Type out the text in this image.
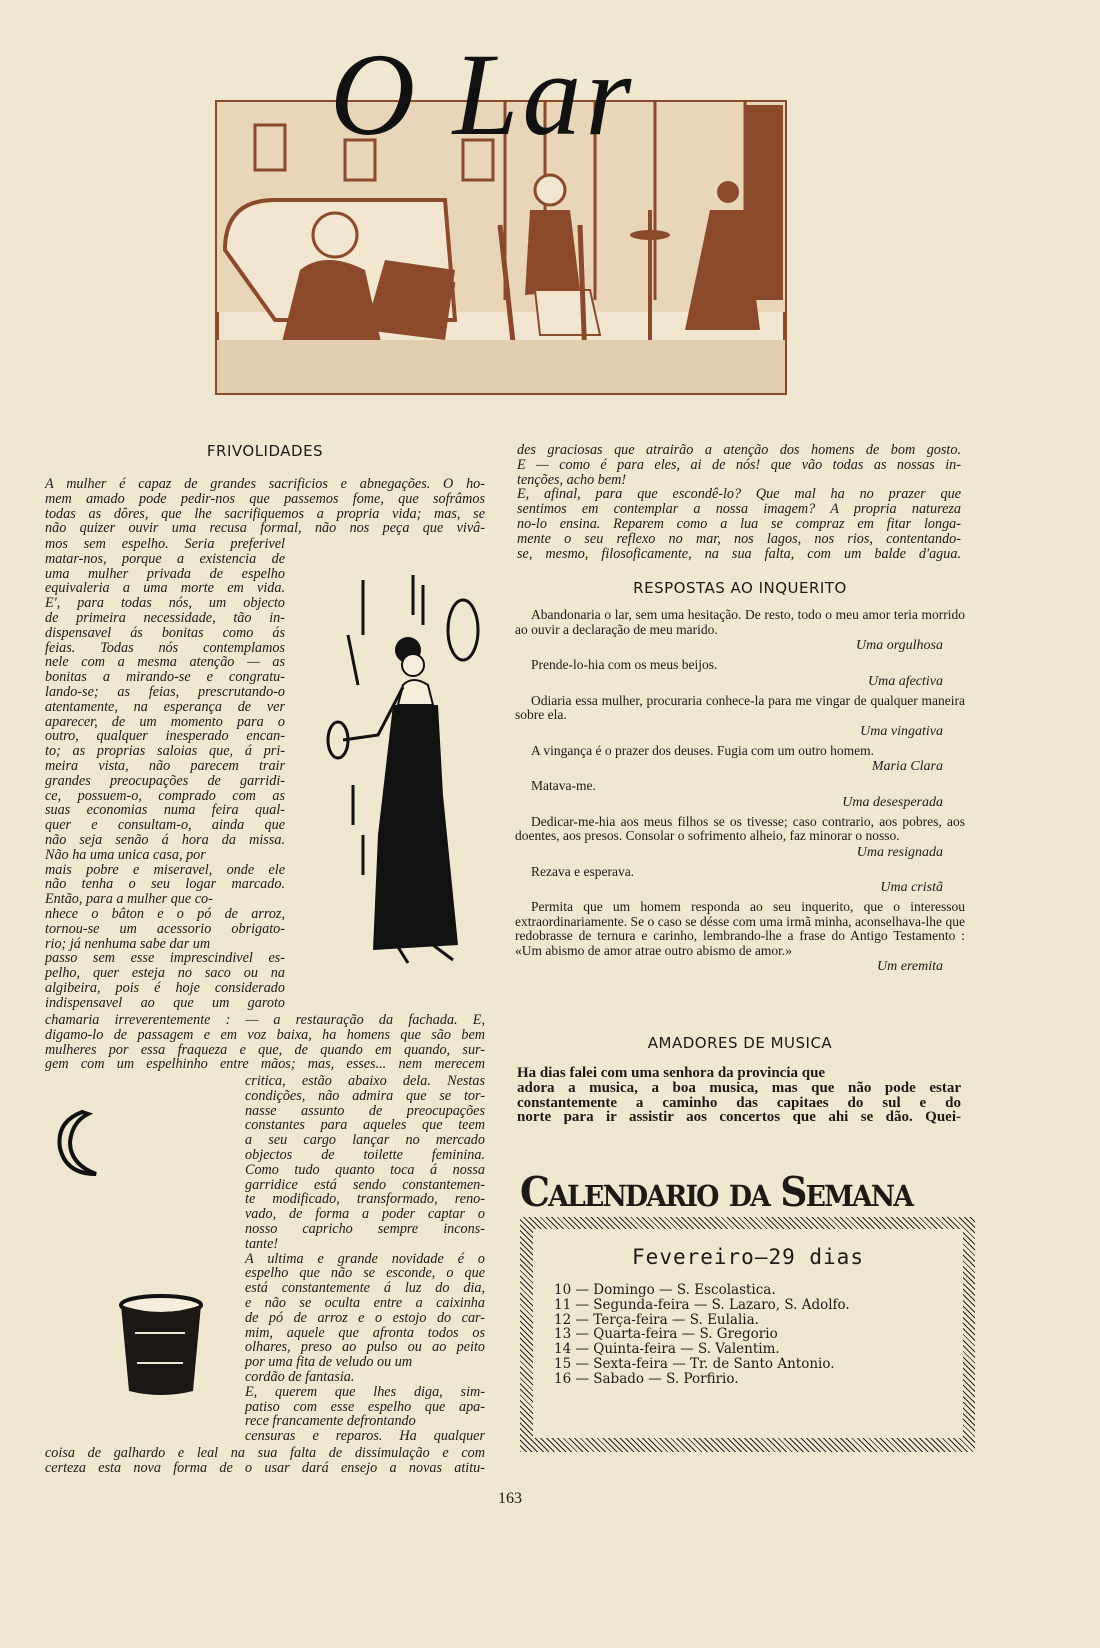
O Lar
FRIVOLIDADES
A mulher é capaz de grandes sacrificios e abnegações. O ho-
mem amado pode pedir-nos que passemos fome, que sofrâmos
todas as dôres, que lhe sacrifiquemos a propria vida; mas, se
não quizer ouvir uma recusa formal, não nos peça que vivâ-
mos sem espelho. Seria preferivel
matar-nos, porque a existencia de
uma mulher privada de espelho
equivaleria a uma morte em vida.
E', para todas nós, um objecto
de primeira necessidade, tão in-
dispensavel ás bonitas como ás
feias. Todas nós contemplamos
nele com a mesma atenção — as
bonitas a mirando-se e congratu-
lando-se; as feias, prescrutando-o
atentamente, na esperança de ver
aparecer, de um momento para o
outro, qualquer inesperado encan-
to; as proprias saloias que, á pri-
meira vista, não parecem trair
grandes preocupações de garridi-
ce, possuem-o, comprado com as
suas economias numa feira qual-
quer e consultam-o, ainda que
não seja senão á hora da missa.
Não ha uma unica casa, por
mais pobre e miseravel, onde ele
não tenha o seu logar marcado.
Então, para a mulher que co-
nhece o bâton e o pó de arroz,
tornou-se um acessorio obrigato-
rio; já nenhuma sabe dar um
passo sem esse imprescindivel es-
pelho, quer esteja no saco ou na
algibeira, pois é hoje considerado
indispensavel ao que um garoto
chamaria irreverentemente : — a restauração da fachada. E,
digamo-lo de passagem e em voz baixa, ha homens que são bem
mulheres por essa fraqueza e que, de quando em quando, sur-
gem com um espelhinho entre mãos; mas, esses... nem merecem
critica, estão abaixo dela. Nestas
condições, não admira que se tor-
nasse assunto de preocupações
constantes para aqueles que teem
a seu cargo lançar no mercado
objectos de toilette feminina.
Como tudo quanto toca á nossa
garridice está sendo constantemen-
te modificado, transformado, reno-
vado, de forma a poder captar o
nosso capricho sempre incons-
tante!
A ultima e grande novidade é o
espelho que não se esconde, o que
está constantemente á luz do dia,
e não se oculta entre a caixinha
de pó de arroz e o estojo do car-
mim, aquele que afronta todos os
olhares, preso ao pulso ou ao peito
por uma fita de veludo ou um
cordão de fantasia.
E, querem que lhes diga, sim-
patiso com esse espelho que apa-
rece francamente defrontando
censuras e reparos. Ha qualquer
coisa de galhardo e leal na sua falta de dissimulação e com
certeza esta nova forma de o usar dará ensejo a novas atitu-
des graciosas que atrairão a atenção dos homens de bom gosto.
E — como é para eles, ai de nós! que vão todas as nossas in-
tenções, acho bem!
E, afinal, para que escondê-lo? Que mal ha no prazer que
sentimos em contemplar a nossa imagem? A propria natureza
no-lo ensina. Reparem como a lua se compraz em fitar longa-
mente o seu reflexo no mar, nos lagos, nos rios, contentando-
se, mesmo, filosoficamente, na sua falta, com um balde d'agua.
RESPOSTAS AO INQUERITO
Abandonaria o lar, sem uma hesitação. De resto, todo o meu amor teria morrido ao ouvir a declaração de meu marido.
Uma orgulhosa
Prende-lo-hia com os meus beijos.
Uma afectiva
Odiaria essa mulher, procuraria conhece-la para me vingar de qualquer maneira sobre ela.
Uma vingativa
A vingança é o prazer dos deuses. Fugia com um outro homem.
Maria Clara
Matava-me.
Uma desesperada
Dedicar-me-hia aos meus filhos se os tivesse; caso contrario, aos pobres, aos doentes, aos presos. Consolar o sofrimento alheio, faz minorar o nosso.
Uma resignada
Rezava e esperava.
Uma cristã
Permita que um homem responda ao seu inquerito, que o interessou extraordinariamente. Se o caso se désse com uma irmã minha, aconselhava-lhe que redobrasse de ternura e carinho, lembrando-lhe a frase do Antigo Testamento : «Um abismo de amor atrae outro abismo de amor.»
Um eremita
AMADORES DE MUSICA
Ha dias falei com uma senhora da provincia que
adora a musica, a boa musica, mas que não pode estar
constantemente a caminho das capitaes do sul e do
norte para ir assistir aos concertos que ahi se dão. Quei-
Calendario da Semana
Fevereiro—29 dias
10 — Domingo — S. Escolastica.
11 — Segunda-feira — S. Lazaro, S. Adolfo.
12 — Terça-feira — S. Eulalia.
13 — Quarta-feira — S. Gregorio
14 — Quinta-feira — S. Valentim.
15 — Sexta-feira — Tr. de Santo Antonio.
16 — Sabado — S. Porfirio.
163
